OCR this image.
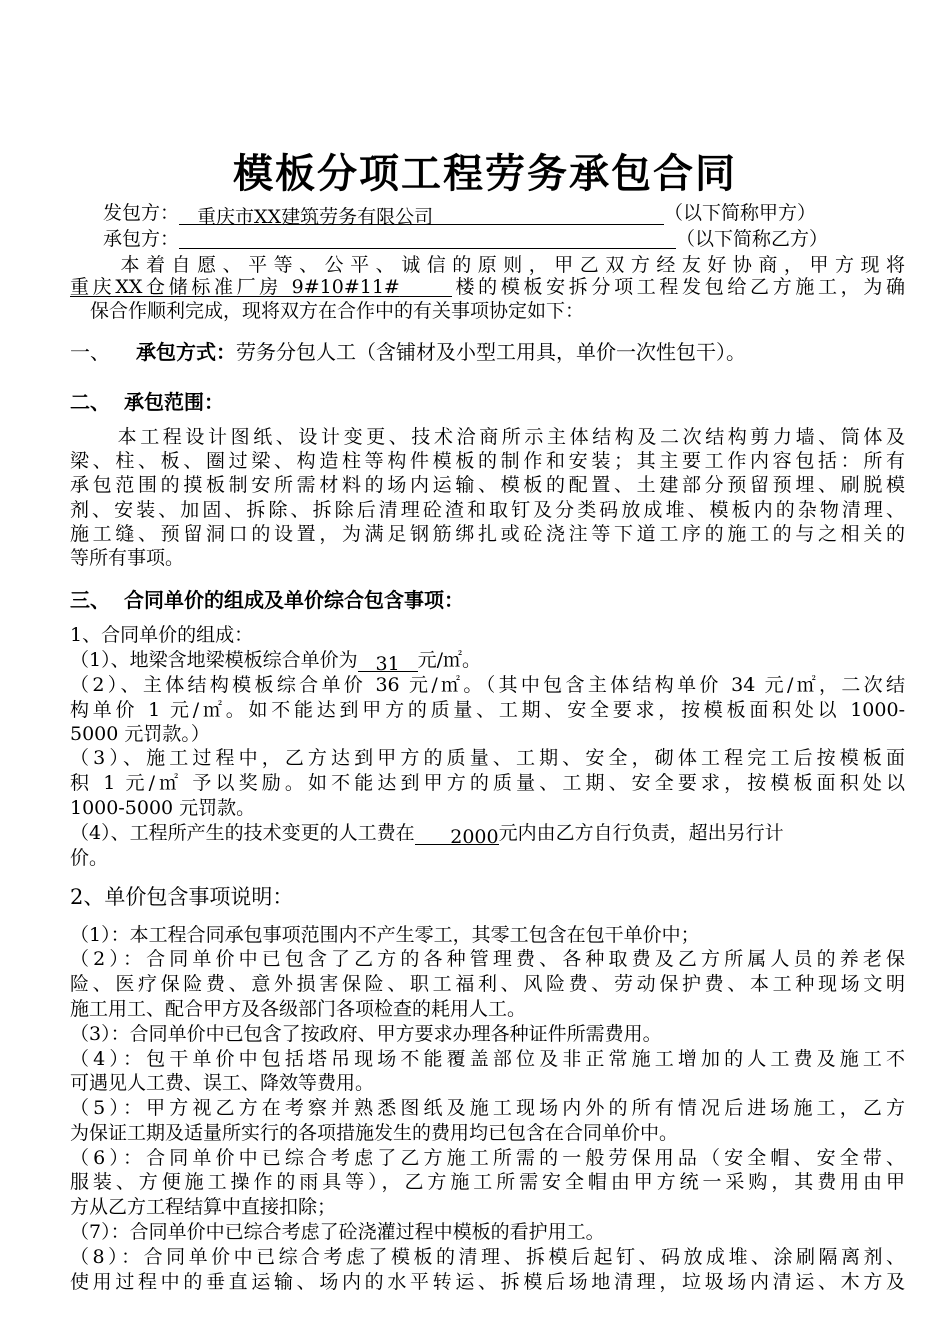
模板分项工程劳务承包合同
发包方： 重庆市XX建筑劳务有限公司	（以下简称甲方）
承包方：	（以下简称乙方）
本着自愿、平等、公平、诚信的原则，甲乙双方经友好协商，甲方现将
重庆XX仓储标准厂房 9#10#11#	楼的模板安拆分项工程发包给乙方施工，为确
保合作顺利完成，现将双方在合作中的有关事项协定如下：
一、 承包方式：劳务分包人工（含铺材及小型工用具，单价一次性包干）。
二、 承包范围：
本工程设计图纸、设计变更、技术洽商所示主体结构及二次结构剪力墙、筒体及
梁、柱、板、圈过梁、构造柱等构件模板的制作和安装；其主要工作内容包括：所有
承包范围的摸板制安所需材料的场内运输、模板的配置、土建部分预留预埋、刷脱模
剂、安装、加固、拆除、拆除后清理砼渣和取钉及分类码放成堆、模板内的杂物清理、
施工缝、预留洞口的设置，为满足钢筋绑扎或砼浇注等下道工序的施工的与之相关的
等所有事项。
三、 合同单价的组成及单价综合包含事项：
1、合同单价的组成：
（1）、地梁含地梁模板综合单价为 31 元/㎡。
（2）、主体结构模板综合单价 36 元/㎡。（其中包含主体结构单价 34 元/㎡，二次结
构单价 1 元/㎡。如不能达到甲方的质量、工期、安全要求，按模板面积处以 1000-
5000 元罚款。）
（3）、施工过程中，乙方达到甲方的质量、工期、安全，砌体工程完工后按模板面
积 1 元/㎡ 予以奖励。如不能达到甲方的质量、工期、安全要求，按模板面积处以
1000-5000 元罚款。
（4）、工程所产生的技术变更的人工费在 2000元内由乙方自行负责，超出另行计
价。
2、单价包含事项说明：
（1）：本工程合同承包事项范围内不产生零工，其零工包含在包干单价中；
（2）：合同单价中已包含了乙方的各种管理费、各种取费及乙方所属人员的养老保
险、医疗保险费、意外损害保险、职工福利、风险费、劳动保护费、本工种现场文明
施工用工、配合甲方及各级部门各项检查的耗用人工。
（3）：合同单价中已包含了按政府、甲方要求办理各种证件所需费用。
（4）：包干单价中包括塔吊现场不能覆盖部位及非正常施工增加的人工费及施工不
可遇见人工费、误工、降效等费用。
（5）：甲方视乙方在考察并熟悉图纸及施工现场内外的所有情况后进场施工，乙方
为保证工期及适量所实行的各项措施发生的费用均已包含在合同单价中。
（6）：合同单价中已综合考虑了乙方施工所需的一般劳保用品（安全帽、安全带、
服装、方便施工操作的雨具等），乙方施工所需安全帽由甲方统一采购，其费用由甲
方从乙方工程结算中直接扣除；
（7）：合同单价中已综合考虑了砼浇灌过程中模板的看护用工。
（8）：合同单价中已综合考虑了模板的清理、拆模后起钉、码放成堆、涂刷隔离剂、
使用过程中的垂直运输、场内的水平转运、拆模后场地清理，垃圾场内清运、木方及
